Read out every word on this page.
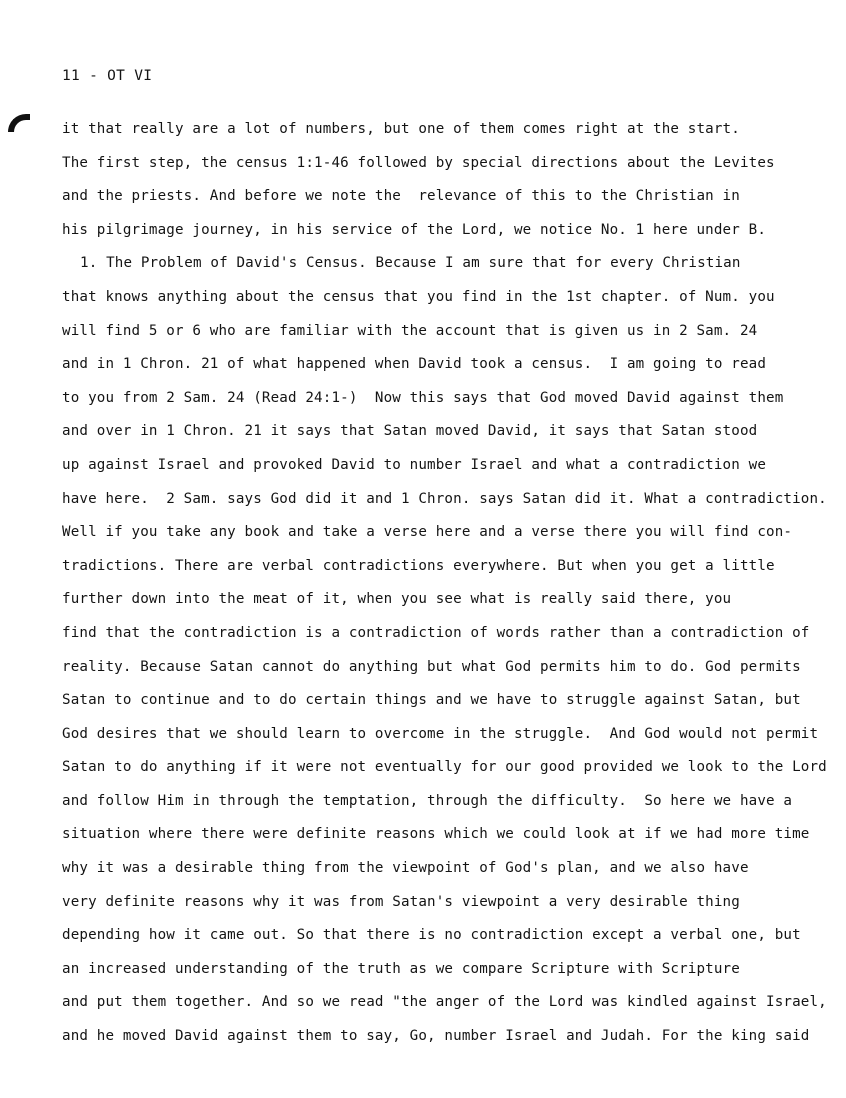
11 - OT VI
it that really are a lot of numbers, but one of them comes right at the start.
The first step, the census 1:1-46 followed by special directions about the Levites
and the priests. And before we note the  relevance of this to the Christian in
his pilgrimage journey, in his service of the Lord, we notice No. 1 here under B.
1. The Problem of David's Census. Because I am sure that for every Christian
that knows anything about the census that you find in the 1st chapter. of Num. you
will find 5 or 6 who are familiar with the account that is given us in 2 Sam. 24
and in 1 Chron. 21 of what happened when David took a census.  I am going to read
to you from 2 Sam. 24 (Read 24:1-)  Now this says that God moved David against them
and over in 1 Chron. 21 it says that Satan moved David, it says that Satan stood
up against Israel and provoked David to number Israel and what a contradiction we
have here.  2 Sam. says God did it and 1 Chron. says Satan did it. What a contradiction.
Well if you take any book and take a verse here and a verse there you will find con-
tradictions. There are verbal contradictions everywhere. But when you get a little
further down into the meat of it, when you see what is really said there, you
find that the contradiction is a contradiction of words rather than a contradiction of
reality. Because Satan cannot do anything but what God permits him to do. God permits
Satan to continue and to do certain things and we have to struggle against Satan, but
God desires that we should learn to overcome in the struggle.  And God would not permit
Satan to do anything if it were not eventually for our good provided we look to the Lord
and follow Him in through the temptation, through the difficulty.  So here we have a
situation where there were definite reasons which we could look at if we had more time
why it was a desirable thing from the viewpoint of God's plan, and we also have
very definite reasons why it was from Satan's viewpoint a very desirable thing
depending how it came out. So that there is no contradiction except a verbal one, but
an increased understanding of the truth as we compare Scripture with Scripture
and put them together. And so we read "the anger of the Lord was kindled against Israel,
and he moved David against them to say, Go, number Israel and Judah. For the king said
